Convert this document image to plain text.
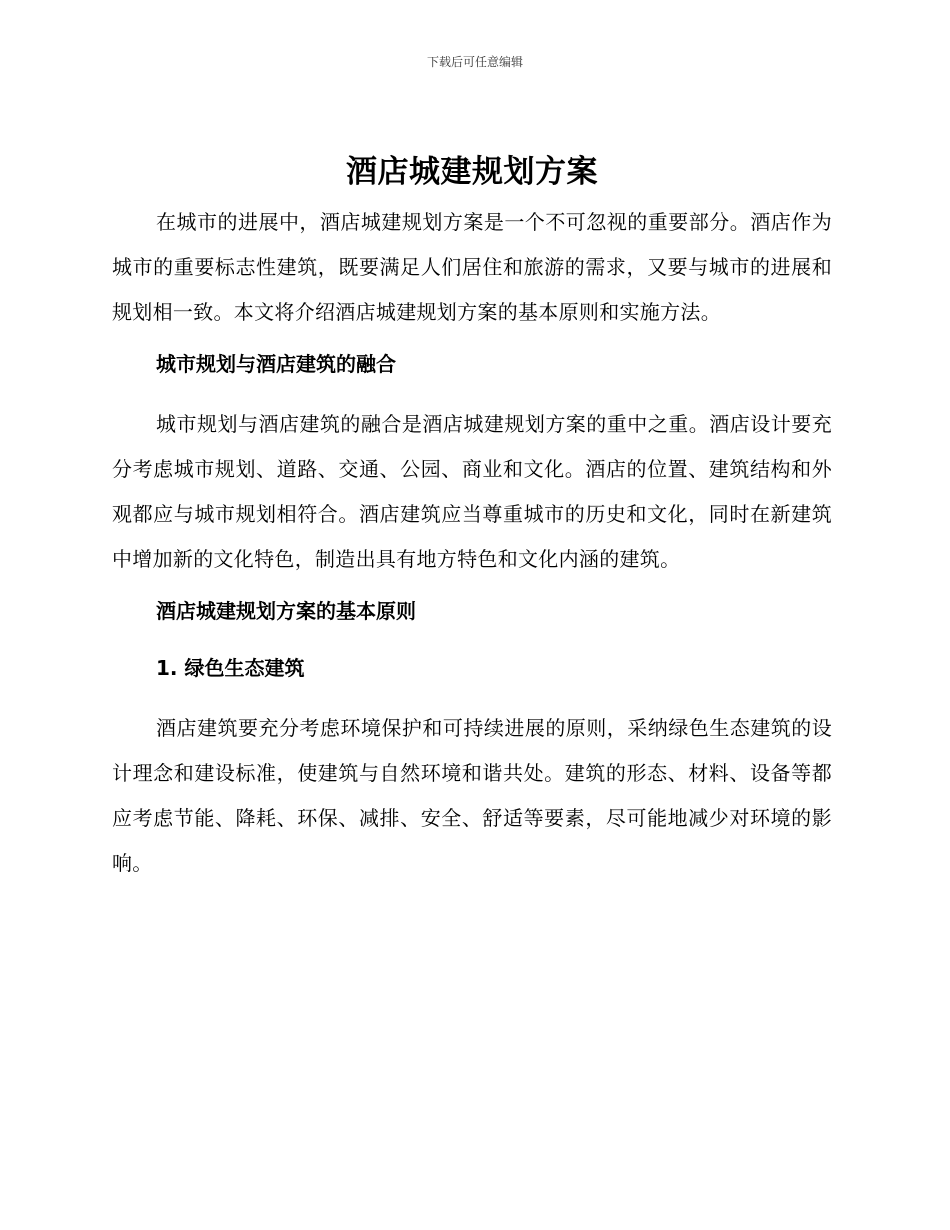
下载后可任意编辑
酒店城建规划方案

在城市的进展中，酒店城建规划方案是一个不可忽视的重要部分。酒店作为城市的重要标志性建筑，既要满足人们居住和旅游的需求，又要与城市的进展和规划相一致。本文将介绍酒店城建规划方案的基本原则和实施方法。

城市规划与酒店建筑的融合

城市规划与酒店建筑的融合是酒店城建规划方案的重中之重。酒店设计要充分考虑城市规划、道路、交通、公园、商业和文化。酒店的位置、建筑结构和外观都应与城市规划相符合。酒店建筑应当尊重城市的历史和文化，同时在新建筑中增加新的文化特色，制造出具有地方特色和文化内涵的建筑。

酒店城建规划方案的基本原则
1. 绿色生态建筑

酒店建筑要充分考虑环境保护和可持续进展的原则，采纳绿色生态建筑的设计理念和建设标准，使建筑与自然环境和谐共处。建筑的形态、材料、设备等都应考虑节能、降耗、环保、减排、安全、舒适等要素，尽可能地减少对环境的影响。
